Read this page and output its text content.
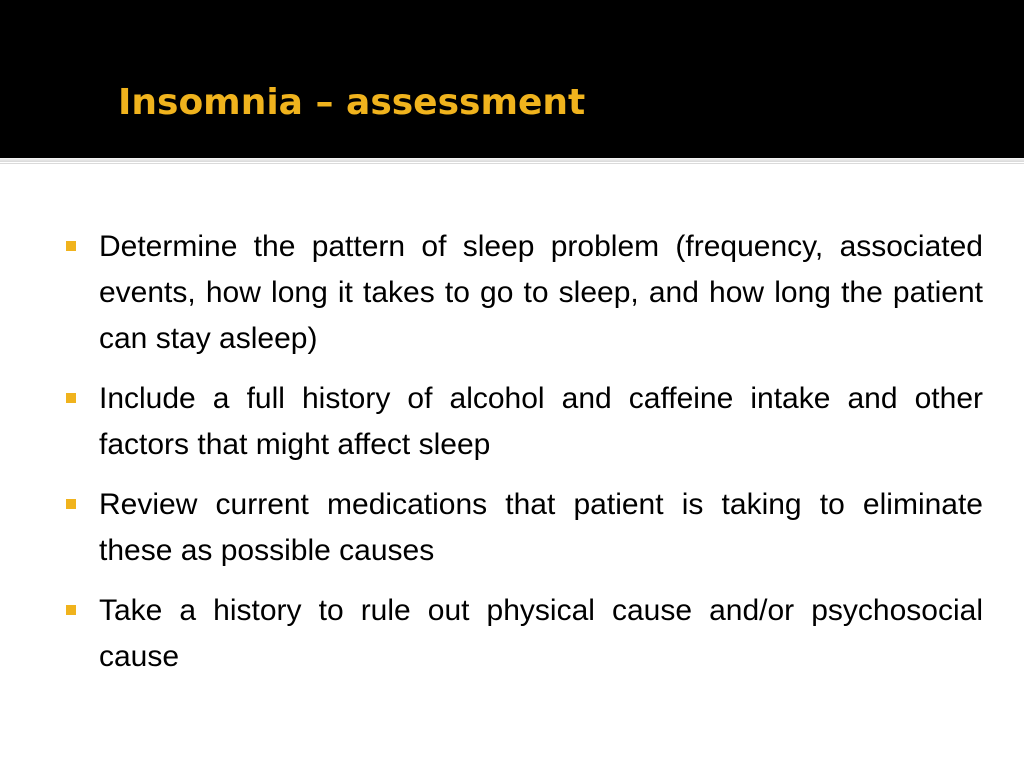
Insomnia – assessment
Determine the pattern of sleep problem (frequency, associated events, how long it takes to go to sleep, and how long the patient can stay asleep)
Include a full history of alcohol and caffeine intake and other factors that might affect sleep
Review current medications that patient is taking to eliminate these as possible causes
Take a history to rule out physical cause and/or psychosocial cause
